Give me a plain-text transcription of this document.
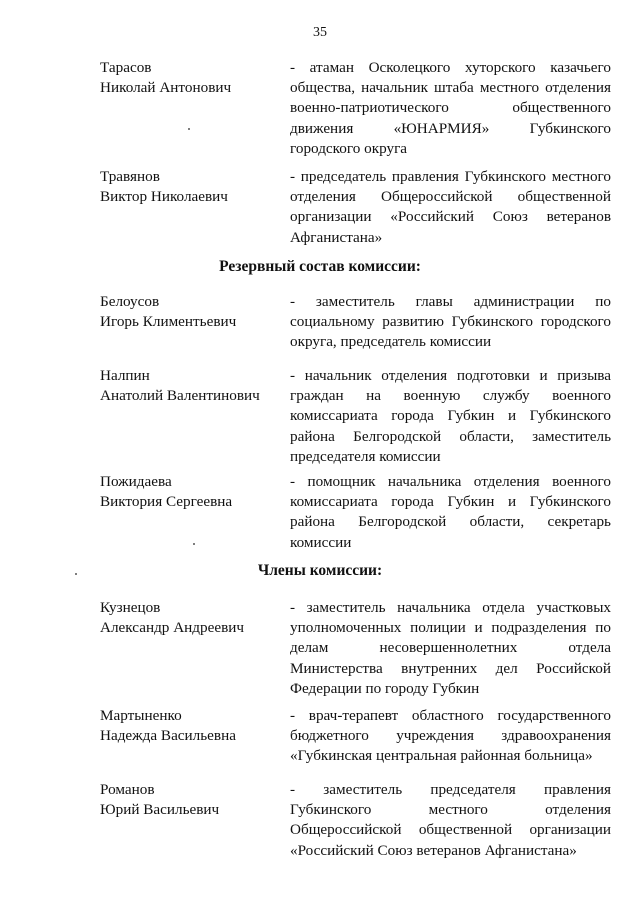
35
Тарасов
Николай Антонович
- атаман Осколецкого хуторского казачьего общества, начальник штаба местного отделения военно-патриотического общественного движения «ЮНАРМИЯ» Губкинского городского округа
Травянов
Виктор Николаевич
- председатель правления Губкинского местного отделения Общероссийской общественной организации «Российский Союз ветеранов Афганистана»
Резервный состав комиссии:
Белоусов
Игорь Климентьевич
- заместитель главы администрации по социальному развитию Губкинского городского округа, председатель комиссии
Налпин
Анатолий Валентинович
- начальник отделения подготовки и призыва граждан на военную службу военного комиссариата города Губкин и Губкинского района Белгородской области, заместитель председателя комиссии
Пожидаева
Виктория Сергеевна
- помощник начальника отделения военного комиссариата города Губкин и Губкинского района Белгородской области, секретарь комиссии
Члены комиссии:
Кузнецов
Александр Андреевич
- заместитель начальника отдела участковых уполномоченных полиции и подразделения по делам несовершеннолетних отдела Министерства внутренних дел Российской Федерации по городу Губкин
Мартыненко
Надежда Васильевна
- врач-терапевт областного государственного бюджетного учреждения здравоохранения «Губкинская центральная районная больница»
Романов
Юрий Васильевич
- заместитель председателя правления Губкинского местного отделения Общероссийской общественной организации «Российский Союз ветеранов Афганистана»
